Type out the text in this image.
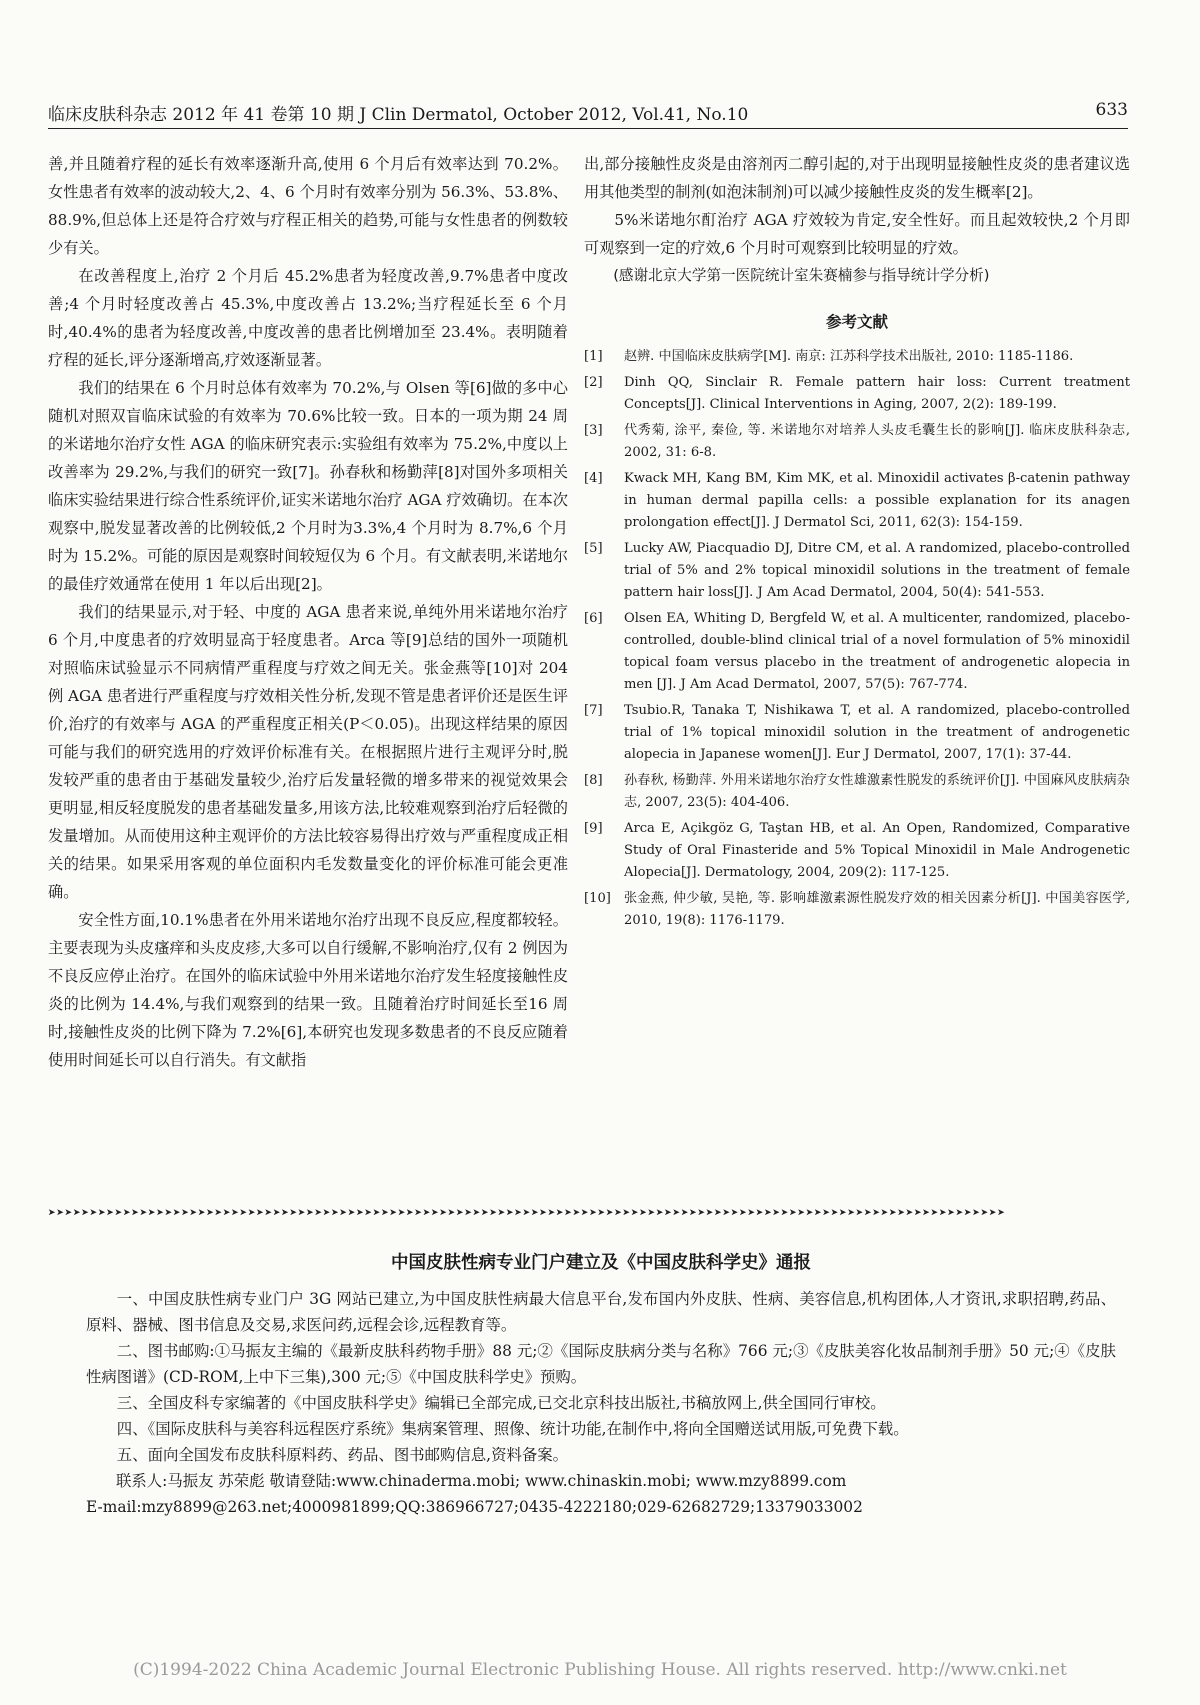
临床皮肤科杂志 2012 年 41 卷第 10 期 J Clin Dermatol, October 2012, Vol.41, No.10	633

善,并且随着疗程的延长有效率逐渐升高,使用 6 个月后有效率达到 70.2%。女性患者有效率的波动较大,2、4、6 个月时有效率分别为 56.3%、53.8%、88.9%,但总体上还是符合疗效与疗程正相关的趋势,可能与女性患者的例数较少有关。

在改善程度上,治疗 2 个月后 45.2%患者为轻度改善,9.7%患者中度改善;4 个月时轻度改善占 45.3%,中度改善占 13.2%;当疗程延长至 6 个月时,40.4%的患者为轻度改善,中度改善的患者比例增加至 23.4%。表明随着疗程的延长,评分逐渐增高,疗效逐渐显著。

我们的结果在 6 个月时总体有效率为 70.2%,与 Olsen 等[6]做的多中心随机对照双盲临床试验的有效率为 70.6%比较一致。日本的一项为期 24 周的米诺地尔治疗女性 AGA 的临床研究表示:实验组有效率为 75.2%,中度以上改善率为 29.2%,与我们的研究一致[7]。孙春秋和杨勤萍[8]对国外多项相关临床实验结果进行综合性系统评价,证实米诺地尔治疗 AGA 疗效确切。在本次观察中,脱发显著改善的比例较低,2 个月时为3.3%,4 个月时为 8.7%,6 个月时为 15.2%。可能的原因是观察时间较短仅为 6 个月。有文献表明,米诺地尔的最佳疗效通常在使用 1 年以后出现[2]。

我们的结果显示,对于轻、中度的 AGA 患者来说,单纯外用米诺地尔治疗 6 个月,中度患者的疗效明显高于轻度患者。Arca 等[9]总结的国外一项随机对照临床试验显示不同病情严重程度与疗效之间无关。张金燕等[10]对 204 例 AGA 患者进行严重程度与疗效相关性分析,发现不管是患者评价还是医生评价,治疗的有效率与 AGA 的严重程度正相关(P＜0.05)。出现这样结果的原因可能与我们的研究选用的疗效评价标准有关。在根据照片进行主观评分时,脱发较严重的患者由于基础发量较少,治疗后发量轻微的增多带来的视觉效果会更明显,相反轻度脱发的患者基础发量多,用该方法,比较难观察到治疗后轻微的发量增加。从而使用这种主观评价的方法比较容易得出疗效与严重程度成正相关的结果。如果采用客观的单位面积内毛发数量变化的评价标准可能会更准确。

安全性方面,10.1%患者在外用米诺地尔治疗出现不良反应,程度都较轻。主要表现为头皮瘙痒和头皮皮疹,大多可以自行缓解,不影响治疗,仅有 2 例因为不良反应停止治疗。在国外的临床试验中外用米诺地尔治疗发生轻度接触性皮炎的比例为 14.4%,与我们观察到的结果一致。且随着治疗时间延长至16 周时,接触性皮炎的比例下降为 7.2%[6],本研究也发现多数患者的不良反应随着使用时间延长可以自行消失。有文献指

出,部分接触性皮炎是由溶剂丙二醇引起的,对于出现明显接触性皮炎的患者建议选用其他类型的制剂(如泡沫制剂)可以减少接触性皮炎的发生概率[2]。

5%米诺地尔酊治疗 AGA 疗效较为肯定,安全性好。而且起效较快,2 个月即可观察到一定的疗效,6 个月时可观察到比较明显的疗效。

(感谢北京大学第一医院统计室朱赛楠参与指导统计学分析)

参考文献
[1]	赵辨. 中国临床皮肤病学[M]. 南京: 江苏科学技术出版社, 2010: 1185-1186.
[2]	Dinh QQ, Sinclair R. Female pattern hair loss: Current treatment Concepts[J]. Clinical Interventions in Aging, 2007, 2(2): 189-199.
[3]	代秀菊, 涂平, 秦俭, 等. 米诺地尔对培养人头皮毛囊生长的影响[J]. 临床皮肤科杂志, 2002, 31: 6-8.
[4]	Kwack MH, Kang BM, Kim MK, et al. Minoxidil activates β-catenin pathway in human dermal papilla cells: a possible explanation for its anagen prolongation effect[J]. J Dermatol Sci, 2011, 62(3): 154-159.
[5]	Lucky AW, Piacquadio DJ, Ditre CM, et al. A randomized, placebo-controlled trial of 5% and 2% topical minoxidil solutions in the treatment of female pattern hair loss[J]. J Am Acad Dermatol, 2004, 50(4): 541-553.
[6]	Olsen EA, Whiting D, Bergfeld W, et al. A multicenter, randomized, placebo-controlled, double-blind clinical trial of a novel formulation of 5% minoxidil topical foam versus placebo in the treatment of androgenetic alopecia in men [J]. J Am Acad Dermatol, 2007, 57(5): 767-774.
[7]	Tsubio.R, Tanaka T, Nishikawa T, et al. A randomized, placebo-controlled trial of 1% topical minoxidil solution in the treatment of androgenetic alopecia in Japanese women[J]. Eur J Dermatol, 2007, 17(1): 37-44.
[8]	孙春秋, 杨勤萍. 外用米诺地尔治疗女性雄激素性脱发的系统评价[J]. 中国麻风皮肤病杂志, 2007, 23(5): 404-406.
[9]	Arca E, Açikgöz G, Taştan HB, et al. An Open, Randomized, Comparative Study of Oral Finasteride and 5% Topical Minoxidil in Male Androgenetic Alopecia[J]. Dermatology, 2004, 209(2): 117-125.
[10]	张金燕, 仲少敏, 吴艳, 等. 影响雄激素源性脱发疗效的相关因素分析[J]. 中国美容医学, 2010, 19(8): 1176-1179.
➤➤➤➤➤➤➤➤➤➤➤➤➤➤➤➤➤➤➤➤➤➤➤➤➤➤➤➤➤➤➤➤➤➤➤➤➤➤➤➤➤➤➤➤➤➤➤➤➤➤➤➤➤➤➤➤➤➤➤➤➤➤➤➤➤➤➤➤➤➤➤➤➤➤➤➤➤➤➤➤➤➤➤➤➤➤➤➤➤➤➤➤➤➤➤➤➤➤➤➤➤➤➤➤➤➤➤➤➤➤➤➤➤➤➤
中国皮肤性病专业门户建立及《中国皮肤科学史》通报

一、中国皮肤性病专业门户 3G 网站已建立,为中国皮肤性病最大信息平台,发布国内外皮肤、性病、美容信息,机构团体,人才资讯,求职招聘,药品、原料、器械、图书信息及交易,求医问药,远程会诊,远程教育等。

二、图书邮购:①马振友主编的《最新皮肤科药物手册》88 元;②《国际皮肤病分类与名称》766 元;③《皮肤美容化妆品制剂手册》50 元;④《皮肤性病图谱》(CD-ROM,上中下三集),300 元;⑤《中国皮肤科学史》预购。

三、全国皮科专家编著的《中国皮肤科学史》编辑已全部完成,已交北京科技出版社,书稿放网上,供全国同行审校。

四、《国际皮肤科与美容科远程医疗系统》集病案管理、照像、统计功能,在制作中,将向全国赠送试用版,可免费下载。

五、面向全国发布皮肤科原料药、药品、图书邮购信息,资料备案。

联系人:马振友 苏荣彪 敬请登陆:www.chinaderma.mobi; www.chinaskin.mobi; www.mzy8899.com

E-mail:mzy8899@263.net;4000981899;QQ:386966727;0435-4222180;029-62682729;13379033002

(C)1994-2022 China Academic Journal Electronic Publishing House. All rights reserved. http://www.cnki.net
